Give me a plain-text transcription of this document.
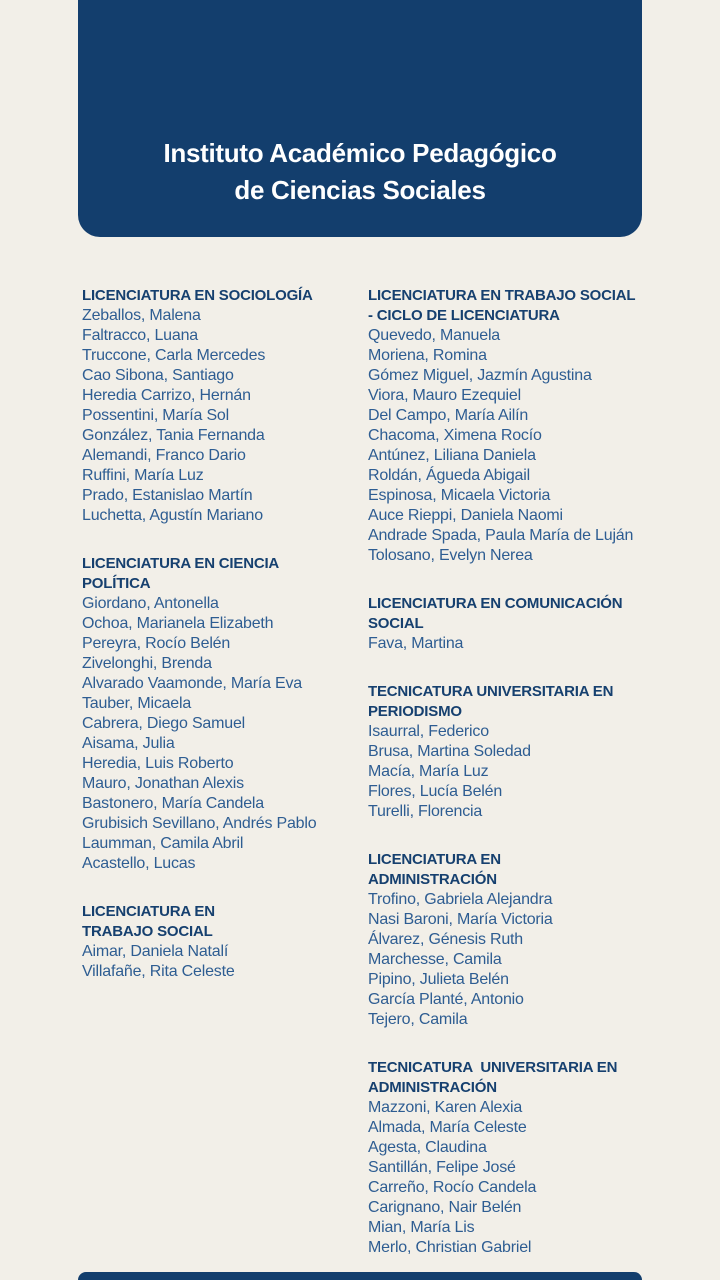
Instituto Académico Pedagógico
de Ciencias Sociales
LICENCIATURA EN SOCIOLOGÍA
Zeballos, Malena
Faltracco, Luana
Truccone, Carla Mercedes
Cao Sibona, Santiago
Heredia Carrizo, Hernán
Possentini, María Sol
González, Tania Fernanda
Alemandi, Franco Dario
Ruffini, María Luz
Prado, Estanislao Martín
Luchetta, Agustín Mariano
LICENCIATURA EN CIENCIA
POLÍTICA
Giordano, Antonella
Ochoa, Marianela Elizabeth
Pereyra, Rocío Belén
Zivelonghi, Brenda
Alvarado Vaamonde, María Eva
Tauber, Micaela
Cabrera, Diego Samuel
Aisama, Julia
Heredia, Luis Roberto
Mauro, Jonathan Alexis
Bastonero, María Candela
Grubisich Sevillano, Andrés Pablo
Laumman, Camila Abril
Acastello, Lucas
LICENCIATURA EN
TRABAJO SOCIAL
Aimar, Daniela Natalí
Villafañe, Rita Celeste
LICENCIATURA EN TRABAJO SOCIAL
- CICLO DE LICENCIATURA
Quevedo, Manuela
Moriena, Romina
Gómez Miguel, Jazmín Agustina
Viora, Mauro Ezequiel
Del Campo, María Ailín
Chacoma, Ximena Rocío
Antúnez, Liliana Daniela
Roldán, Águeda Abigail
Espinosa, Micaela Victoria
Auce Rieppi, Daniela Naomi
Andrade Spada, Paula María de Luján
Tolosano, Evelyn Nerea
LICENCIATURA EN COMUNICACIÓN
SOCIAL
Fava, Martina
TECNICATURA UNIVERSITARIA EN
PERIODISMO
Isaurral, Federico
Brusa, Martina Soledad
Macía, María Luz
Flores, Lucía Belén
Turelli, Florencia
LICENCIATURA EN
ADMINISTRACIÓN
Trofino, Gabriela Alejandra
Nasi Baroni, María Victoria
Álvarez, Génesis Ruth
Marchesse, Camila
Pipino, Julieta Belén
García Planté, Antonio
Tejero, Camila
TECNICATURA  UNIVERSITARIA EN
ADMINISTRACIÓN
Mazzoni, Karen Alexia
Almada, María Celeste
Agesta, Claudina
Santillán, Felipe José
Carreño, Rocío Candela
Carignano, Nair Belén
Mian, María Lis
Merlo, Christian Gabriel
